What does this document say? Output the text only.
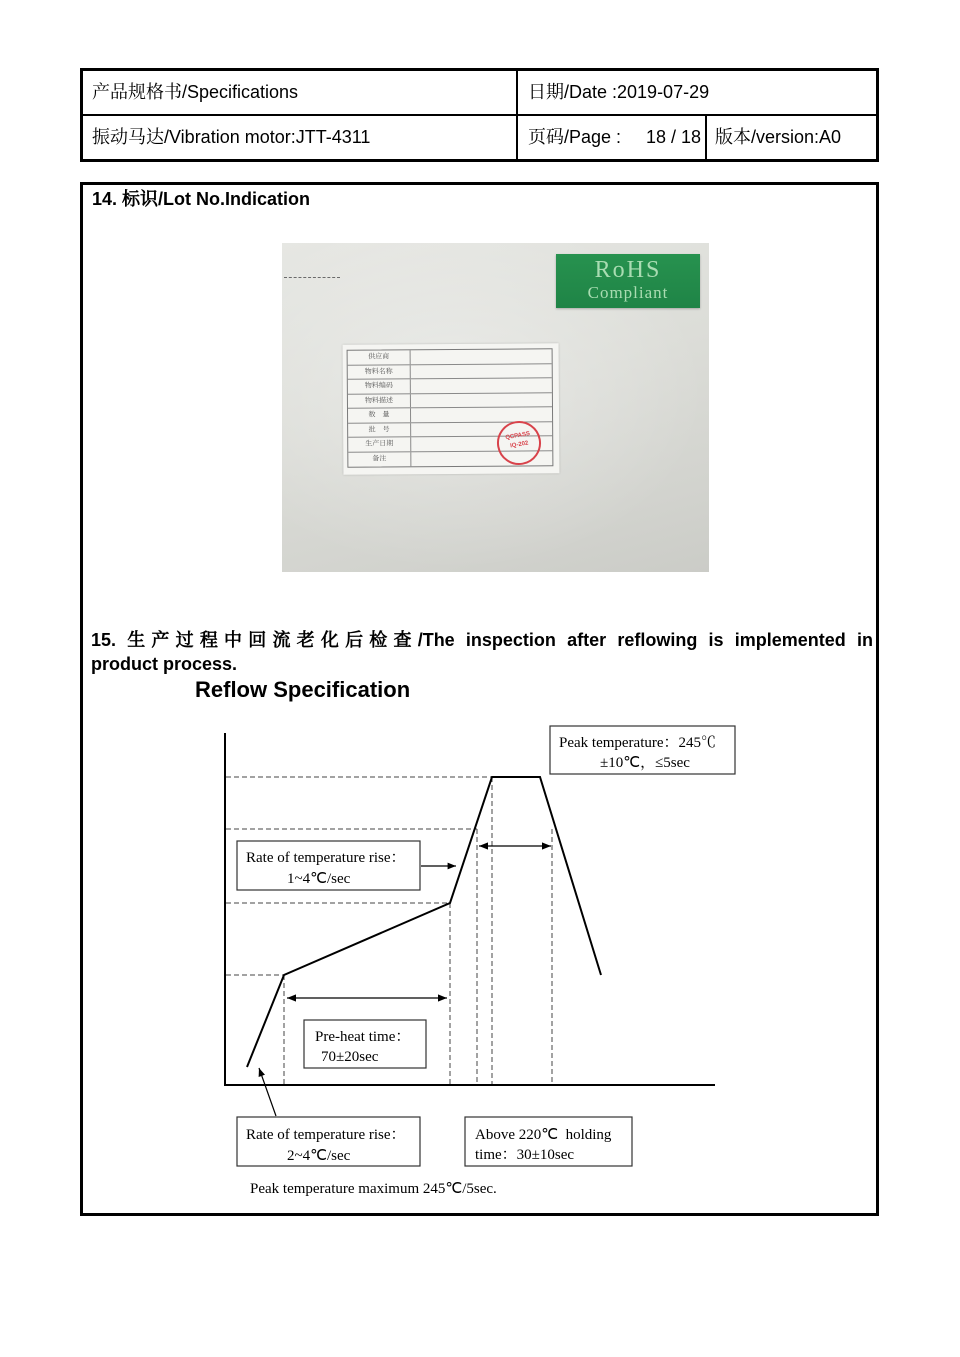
产品规格书/Specifications	日期/Date :2019-07-29
振动马达/Vibration motor:JTT-4311	页码/Page : 18 / 18 版本/version:A0
14. 标识/Lot No.Indication
RoHS
Compliant
供应商
物料名称
物料编码
物料描述
数　量
批　号
生产日期
备注
QCPASS
IQ-202
15. 生产过程中回流老化后检查/The inspection after reflowing is implemented in
product process.
Reflow Specification
Peak temperature：245℃
±10℃，≤5sec
Rate of temperature rise：
1~4℃/sec
Pre-heat time：
70±20sec
Rate of temperature rise：
2~4℃/sec
Above 220℃  holding
time：30±10sec
Peak temperature maximum 245℃/5sec.
